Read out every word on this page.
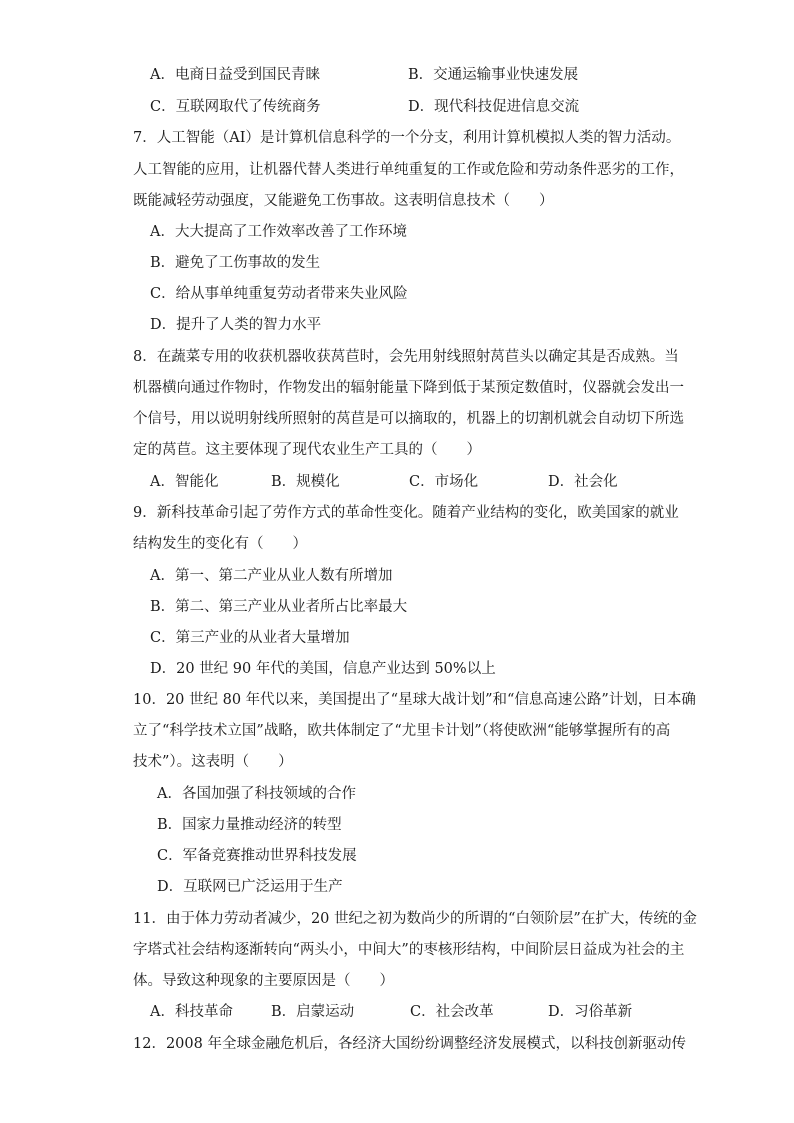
A．电商日益受到国民青睐	B．交通运输事业快速发展
C．互联网取代了传统商务	D．现代科技促进信息交流
7．人工智能（AI）是计算机信息科学的一个分支，利用计算机模拟人类的智力活动。
人工智能的应用，让机器代替人类进行单纯重复的工作或危险和劳动条件恶劣的工作，
既能减轻劳动强度，又能避免工伤事故。这表明信息技术（　　）
A．大大提高了工作效率改善了工作环境
B．避免了工伤事故的发生
C．给从事单纯重复劳动者带来失业风险
D．提升了人类的智力水平
8．在蔬菜专用的收获机器收获莴苣时，会先用射线照射莴苣头以确定其是否成熟。当
机器横向通过作物时，作物发出的辐射能量下降到低于某预定数值时，仪器就会发出一
个信号，用以说明射线所照射的莴苣是可以摘取的，机器上的切割机就会自动切下所选
定的莴苣。这主要体现了现代农业生产工具的（　　）
A．智能化	B．规模化	C．市场化	D．社会化
9．新科技革命引起了劳作方式的革命性变化。随着产业结构的变化，欧美国家的就业
结构发生的变化有（　　）
A．第一、第二产业从业人数有所增加
B．第二、第三产业从业者所占比率最大
C．第三产业的从业者大量增加
D．20 世纪 90 年代的美国，信息产业达到 50%以上
10．20 世纪 80 年代以来，美国提出了“星球大战计划”和“信息高速公路”计划，日本确
立了“科学技术立国”战略，欧共体制定了“尤里卡计划”（将使欧洲“能够掌握所有的高
技术”）。这表明（　　）
A．各国加强了科技领域的合作
B．国家力量推动经济的转型
C．军备竞赛推动世界科技发展
D．互联网已广泛运用于生产
11．由于体力劳动者减少，20 世纪之初为数尚少的所谓的“白领阶层”在扩大，传统的金
字塔式社会结构逐渐转向“两头小，中间大”的枣核形结构，中间阶层日益成为社会的主
体。导致这种现象的主要原因是（　　）
A．科技革命	B．启蒙运动	C．社会改革	D．习俗革新
12．2008 年全球金融危机后，各经济大国纷纷调整经济发展模式，以科技创新驱动传
